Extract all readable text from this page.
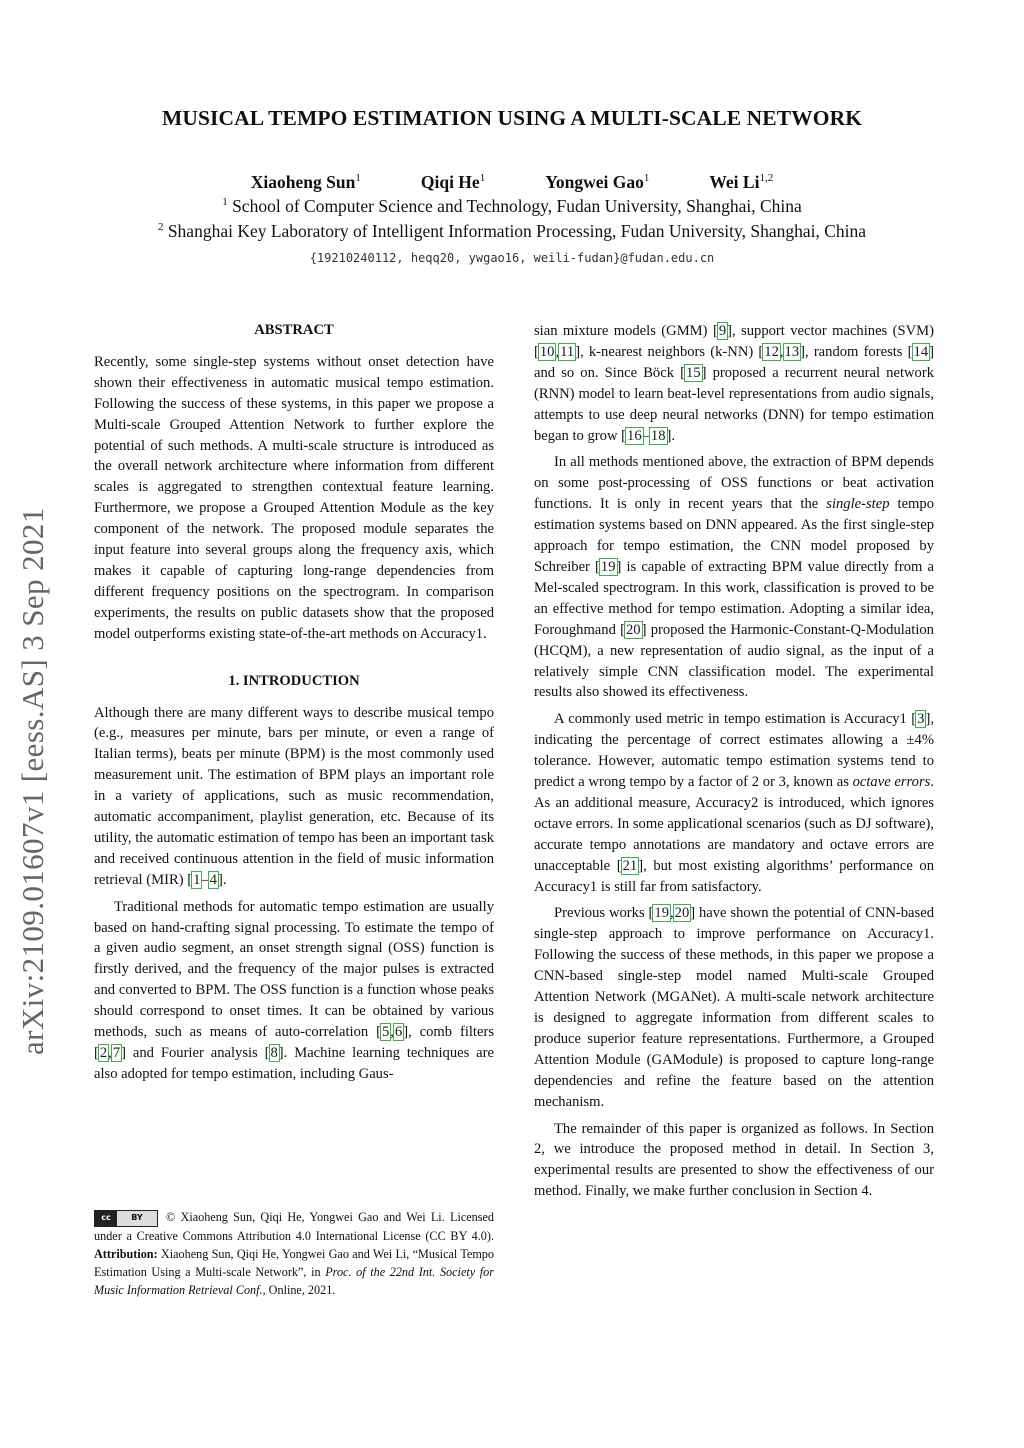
MUSICAL TEMPO ESTIMATION USING A MULTI-SCALE NETWORK
Xiaoheng Sun$^1$	Qiqi He$^1$	Yongwei Gao$^1$	Wei Li$^{1,2}$
$^1$ School of Computer Science and Technology, Fudan University, Shanghai, China
$^2$ Shanghai Key Laboratory of Intelligent Information Processing, Fudan University, Shanghai, China
{19210240112, heqq20, ywgao16, weili-fudan}@fudan.edu.cn
arXiv:2109.01607v1 [eess.AS] 3 Sep 2021
ABSTRACT

Recently, some single-step systems without onset detection have shown their effectiveness in automatic musical tempo estimation. Following the success of these systems, in this paper we propose a Multi-scale Grouped Attention Network to further explore the potential of such methods. A multi-scale structure is introduced as the overall network architecture where information from different scales is aggregated to strengthen contextual feature learning. Furthermore, we propose a Grouped Attention Module as the key component of the network. The proposed module separates the input feature into several groups along the frequency axis, which makes it capable of capturing long-range dependencies from different frequency positions on the spectrogram. In comparison experiments, the results on public datasets show that the proposed model outperforms existing state-of-the-art methods on Accuracy1.

1. INTRODUCTION

Although there are many different ways to describe musical tempo (e.g., measures per minute, bars per minute, or even a range of Italian terms), beats per minute (BPM) is the most commonly used measurement unit. The estimation of BPM plays an important role in a variety of applications, such as music recommendation, automatic accompaniment, playlist generation, etc. Because of its utility, the automatic estimation of tempo has been an important task and received continuous attention in the field of music information retrieval (MIR) [1–4].

Traditional methods for automatic tempo estimation are usually based on hand-crafting signal processing. To estimate the tempo of a given audio segment, an onset strength signal (OSS) function is firstly derived, and the frequency of the major pulses is extracted and converted to BPM. The OSS function is a function whose peaks should correspond to onset times. It can be obtained by various methods, such as means of auto-correlation [5,6], comb filters [2,7] and Fourier analysis [8]. Machine learning techniques are also adopted for tempo estimation, including Gaus-

cc	BY	© Xiaoheng Sun, Qiqi He, Yongwei Gao and Wei Li. Licensed under a Creative Commons Attribution 4.0 International License (CC BY 4.0). Attribution: Xiaoheng Sun, Qiqi He, Yongwei Gao and Wei Li, “Musical Tempo Estimation Using a Multi-scale Network”, in Proc. of the 22nd Int. Society for Music Information Retrieval Conf., Online, 2021.

sian mixture models (GMM) [9], support vector machines (SVM) [10,11], k-nearest neighbors (k-NN) [12,13], random forests [14] and so on. Since Böck [15] proposed a recurrent neural network (RNN) model to learn beat-level representations from audio signals, attempts to use deep neural networks (DNN) for tempo estimation began to grow [16–18].

In all methods mentioned above, the extraction of BPM depends on some post-processing of OSS functions or beat activation functions. It is only in recent years that the single-step tempo estimation systems based on DNN appeared. As the first single-step approach for tempo estimation, the CNN model proposed by Schreiber [19] is capable of extracting BPM value directly from a Mel-scaled spectrogram. In this work, classification is proved to be an effective method for tempo estimation. Adopting a similar idea, Foroughmand [20] proposed the Harmonic-Constant-Q-Modulation (HCQM), a new representation of audio signal, as the input of a relatively simple CNN classification model. The experimental results also showed its effectiveness.

A commonly used metric in tempo estimation is Accuracy1 [3], indicating the percentage of correct estimates allowing a ±4% tolerance. However, automatic tempo estimation systems tend to predict a wrong tempo by a factor of 2 or 3, known as octave errors. As an additional measure, Accuracy2 is introduced, which ignores octave errors. In some applicational scenarios (such as DJ software), accurate tempo annotations are mandatory and octave errors are unacceptable [21], but most existing algorithms’ performance on Accuracy1 is still far from satisfactory.

Previous works [19,20] have shown the potential of CNN-based single-step approach to improve performance on Accuracy1. Following the success of these methods, in this paper we propose a CNN-based single-step model named Multi-scale Grouped Attention Network (MGANet). A multi-scale network architecture is designed to aggregate information from different scales to produce superior feature representations. Furthermore, a Grouped Attention Module (GAModule) is proposed to capture long-range dependencies and refine the feature based on the attention mechanism.

The remainder of this paper is organized as follows. In Section 2, we introduce the proposed method in detail. In Section 3, experimental results are presented to show the effectiveness of our method. Finally, we make further conclusion in Section 4.
